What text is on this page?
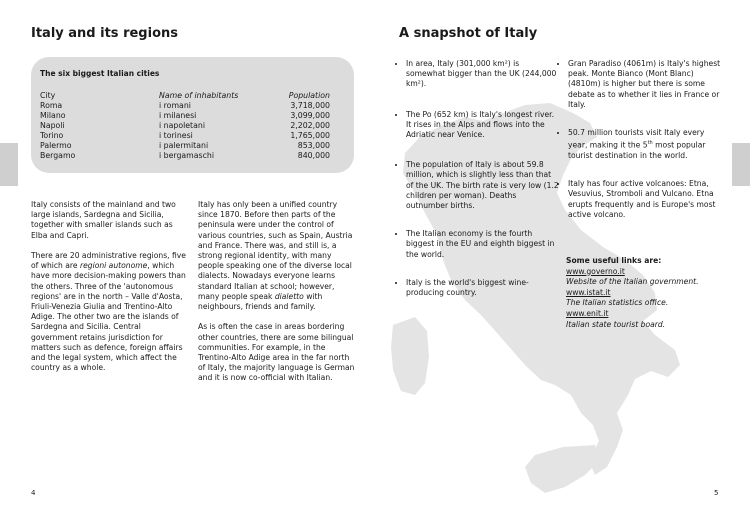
Italy and its regions
The six biggest Italian cities
City	Name of inhabitants	Population
Roma	i romani	3,718,000
Milano	i milanesi	3,099,000
Napoli	i napoletani	2,202,000
Torino	i torinesi	1,765,000
Palermo	i palermitani	853,000
Bergamo	i bergamaschi	840,000

Italy consists of the mainland and two large islands, Sardegna and Sicilia, together with smaller islands such as Elba and Capri.

There are 20 administrative regions, five of which are regioni autonome, which have more decision-making powers than the others. Three of the 'autonomous regions' are in the north – Valle d'Aosta, Friuli-Venezia Giulia and Trentino-Alto Adige. The other two are the islands of Sardegna and Sicilia. Central government retains jurisdiction for matters such as defence, foreign affairs and the legal system, which affect the country as a whole.

Italy has only been a unified country since 1870. Before then parts of the peninsula were under the control of various countries, such as Spain, Austria and France. There was, and still is, a strong regional identity, with many people speaking one of the diverse local dialects. Nowadays everyone learns standard Italian at school; however, many people speak dialetto with neighbours, friends and family.

As is often the case in areas bordering other countries, there are some bilingual communities. For example, in the Trentino-Alto Adige area in the far north of Italy, the majority language is German and it is now co-official with Italian.

4
A snapshot of Italy
• In area, Italy (301,000 km²) is somewhat bigger than the UK (244,000 km²).
• The Po (652 km) is Italy's longest river. It rises in the Alps and flows into the Adriatic near Venice.
• The population of Italy is about 59.8 million, which is slightly less than that of the UK. The birth rate is very low (1.2 children per woman). Deaths outnumber births.
• The Italian economy is the fourth biggest in the EU and eighth biggest in the world.
• Italy is the world's biggest wine-producing country.
• Gran Paradiso (4061m) is Italy's highest peak. Monte Bianco (Mont Blanc) (4810m) is higher but there is some debate as to whether it lies in France or Italy.
• 50.7 million tourists visit Italy every year, making it the 5th most popular tourist destination in the world.
• Italy has four active volcanoes: Etna, Vesuvius, Stromboli and Vulcano. Etna erupts frequently and is Europe's most active volcano.
Some useful links are:
www.governo.it
Website of the Italian government.
www.istat.it
The Italian statistics office.
www.enit.it
Italian state tourist board.
5
